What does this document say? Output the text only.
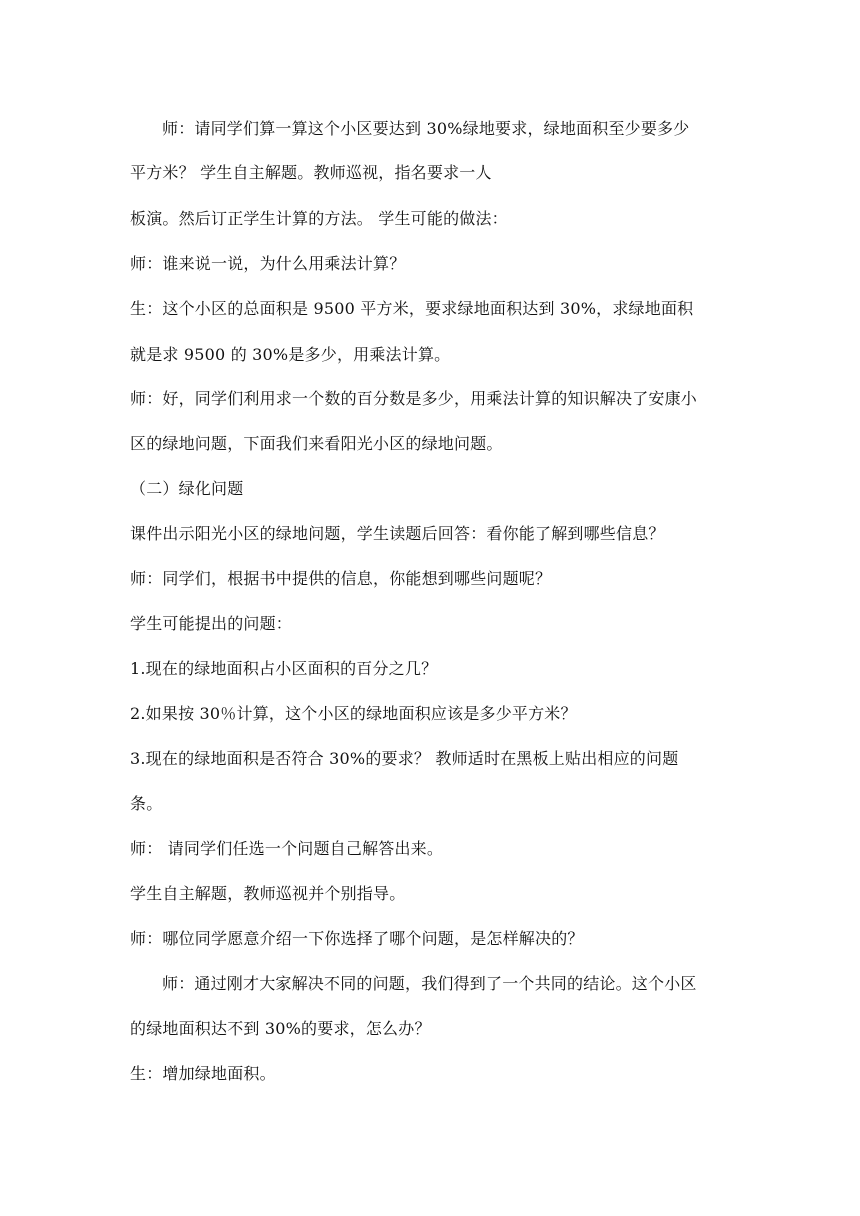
师：请同学们算一算这个小区要达到 30%绿地要求，绿地面积至少要多少
平方米？ 学生自主解题。教师巡视，指名要求一人
板演。然后订正学生计算的方法。 学生可能的做法：
师：谁来说一说，为什么用乘法计算？
生：这个小区的总面积是 9500 平方米，要求绿地面积达到 30%，求绿地面积
就是求 9500 的 30%是多少，用乘法计算。
师：好，同学们利用求一个数的百分数是多少，用乘法计算的知识解决了安康小
区的绿地问题，下面我们来看阳光小区的绿地问题。
（二）绿化问题
课件出示阳光小区的绿地问题，学生读题后回答：看你能了解到哪些信息？
师：同学们，根据书中提供的信息，你能想到哪些问题呢？
学生可能提出的问题：
1.现在的绿地面积占小区面积的百分之几？
2.如果按 30％计算，这个小区的绿地面积应该是多少平方米？
3.现在的绿地面积是否符合 30%的要求？ 教师适时在黑板上贴出相应的问题
条。
师： 请同学们任选一个问题自己解答出来。
学生自主解题，教师巡视并个别指导。
师：哪位同学愿意介绍一下你选择了哪个问题，是怎样解决的？
师：通过刚才大家解决不同的问题，我们得到了一个共同的结论。这个小区
的绿地面积达不到 30%的要求，怎么办？
生：增加绿地面积。
